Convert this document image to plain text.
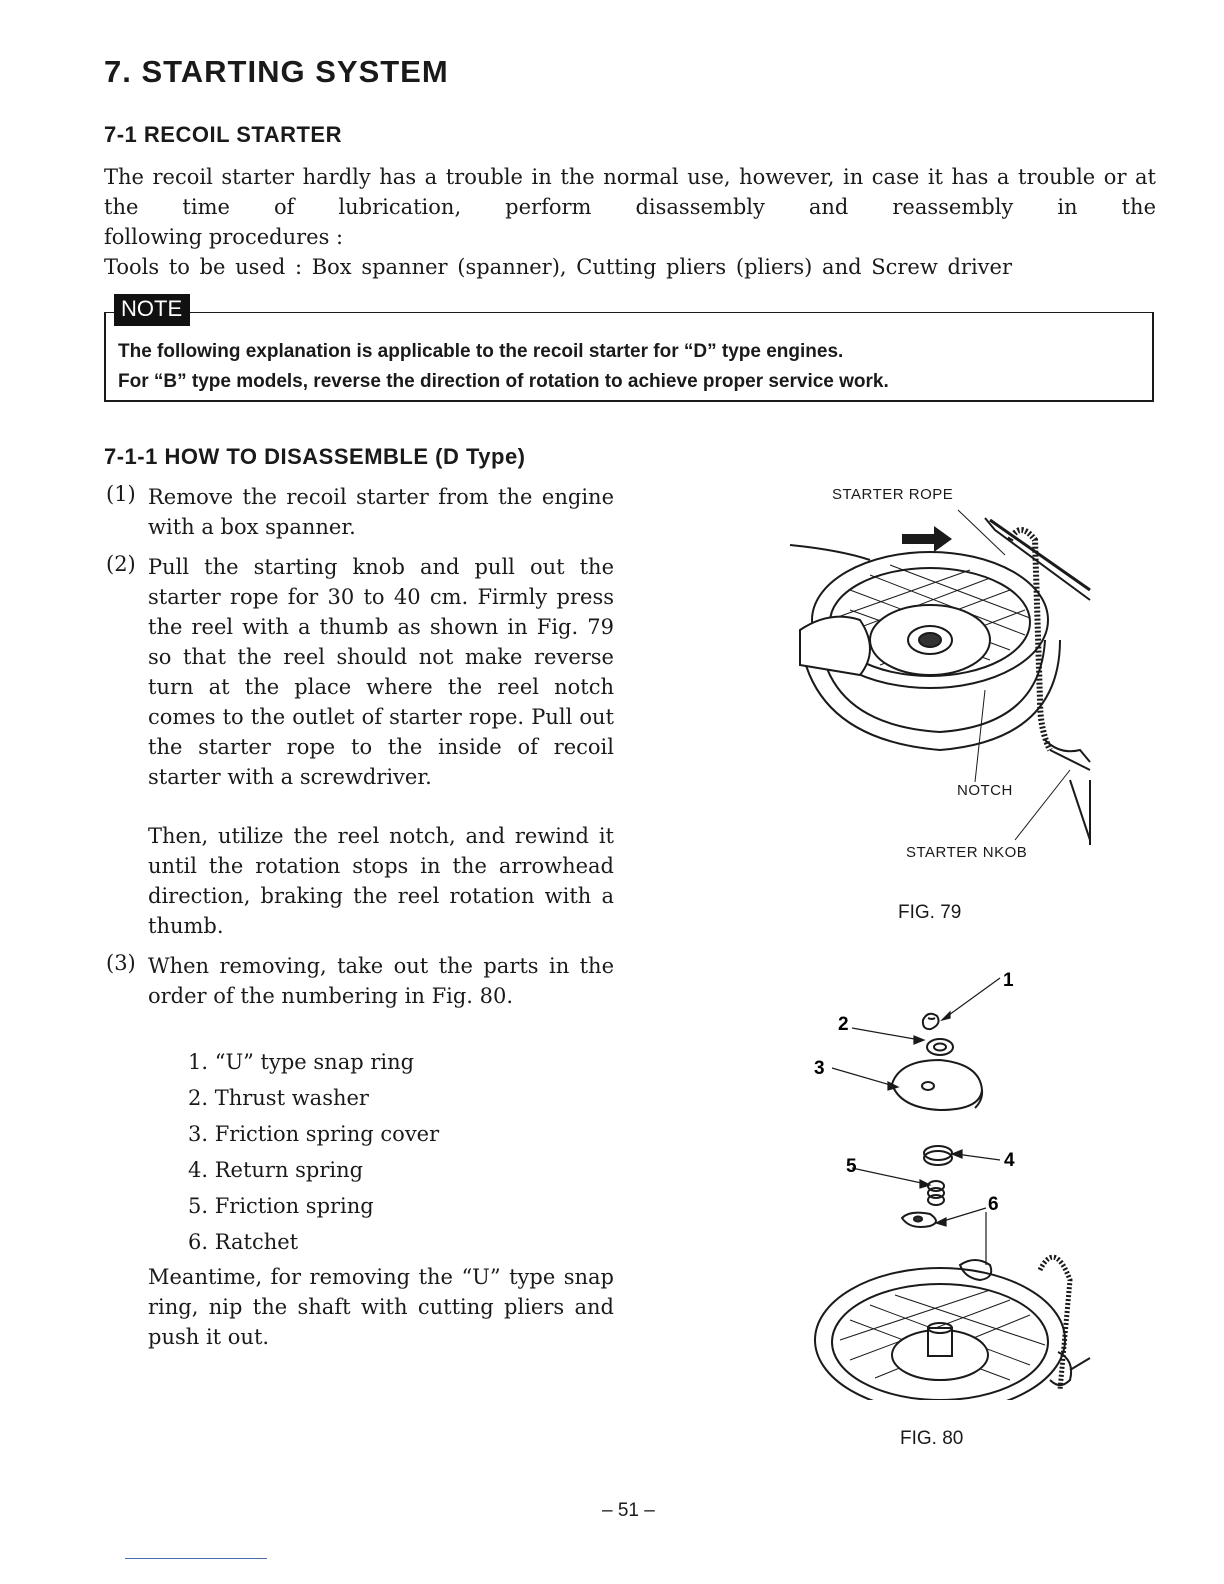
7. STARTING SYSTEM
7-1 RECOIL STARTER
The recoil starter hardly has a trouble in the normal use, however, in case it has a trouble or at the time of lubrication, perform disassembly and reassembly in the
following procedures :
Tools to be used : Box spanner (spanner), Cutting pliers (pliers) and Screw driver
NOTE
The following explanation is applicable to the recoil starter for “D” type engines.
For “B” type models, reverse the direction of rotation to achieve proper service work.
7-1-1 HOW TO DISASSEMBLE (D Type)
(1) Remove the recoil starter from the engine with a box spanner.
(2) Pull the starting knob and pull out the starter rope for 30 to 40 cm. Firmly press the reel with a thumb as shown in Fig. 79 so that the reel should not make reverse turn at the place where the reel notch comes to the outlet of starter rope. Pull out the starter rope to the inside of recoil starter with a screwdriver.
Then, utilize the reel notch, and rewind it until the rotation stops in the arrowhead direction, braking the reel rotation with a thumb.
(3) When removing, take out the parts in the order of the numbering in Fig. 80.
1. “U” type snap ring
2. Thrust washer
3. Friction spring cover
4. Return spring
5. Friction spring
6. Ratchet
Meantime, for removing the “U” type snap ring, nip the shaft with cutting pliers and push it out.
STARTER ROPE
NOTCH
STARTER NKOB
FIG. 79
1
2
3
4
5
6
FIG. 80
– 51 –
